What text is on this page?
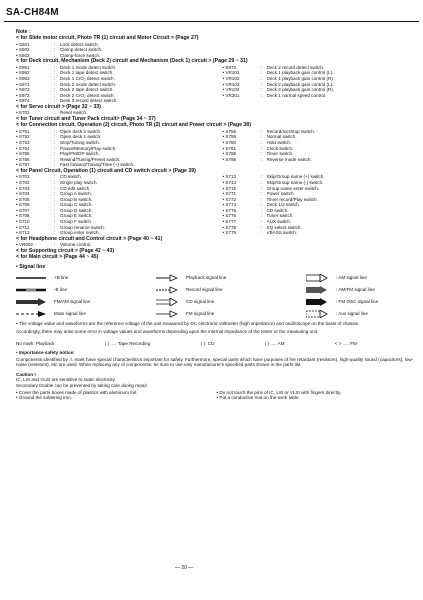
SA-CH84M
Note :
< for Slide motor circuit, Photo TR (1) circuit and Motor Circuit > (Page 27)
• S501	:	Lock detect switch.
• S502	:	Clamp detect switch.
• S503	:	Clamp-force switch.
< for Deck circuit, Mechanism (Deck 2) circuit and Mechanism (Deck 1) circuit > (Page 29 ~ 31)
• S951	:	Deck 1 mode detect switch.	• S973	:	Deck 2 record detect switch.
• S952	:	Deck 1 tape detect switch.	• VR101	:	Deck 1 playback gain control (L).
• S953	:	Deck 1 CrO₂ detect switch.	• VR102	:	Deck 1 playback gain control (R).
• S971	:	Deck 2 mode detect switch.	• VR103	:	Deck 2 playback gain control (L).
• S972	:	Deck 2 tape detect switch.	• VR104	:	Deck 2 playback gain control (R).
• S973	:	Deck 2 CrO₂ detect switch.	• VR301	:	Deck 1 normal speed control.
• S974	:	Deck 2 record detect switch.
< for Servo circuit > (Page 32 ~ 33)
• S701	:	Reset switch.
< for Tuner circuit and Tuner Pack circuit> (Page 34 ~ 37)
< for Connection circuit, Operation (2) circuit, Photo TR (2) circuit and Power circuit > (Page 38)
• S751	:	Open deck 2 switch.	• S756	:	Record/rec/Stop switch.
• S752	:	Open deck 1 switch.	• S759	:	Normal switch.
• S753	:	Stop/Tuning switch.	• S760	:	Hold switch.
• S754	:	Pause/Memory/Play switch.	• S761	:	Clock switch.
• S755	:	Play/FM/DP switch.	• S765	:	Timer switch.
• S756	:	Rewind/Tuning/Preset switch.	• S766	:	Reverse mode switch.
• S757	:	Fast forward/Tuning/Time (+) switch.
< for Panel Circuit, Operation (1) circuit and CD switch circuit > (Page 39)
• S701	:	CD switch.	• S713	:	Skip/Group name (+) switch.
• S702	:	Single play switch.	• S714	:	Skip/Group name (-) switch.
• S703	:	CD edit switch.	• S715	:	Group name enter switch.
• S704	:	Group A switch.	• S771	:	Power switch.
• S705	:	Group B switch.	• S772	:	Timer record/Play switch.
• S706	:	Group C switch.	• S774	:	Deck 1/2 switch.
• S707	:	Group D switch.	• S775	:	CD switch.
• S708	:	Group E switch.	• S776	:	Tuner switch.
• S710	:	Group F switch.	• S777	:	AUX switch.
• S711	:	Group rename switch.	• S778	:	EQ select switch.
• S712	:	Group enter switch.	• S779	:	VBASS switch.
< for Headphone circuit and Control circuit > (Page 40 ~ 41)
• VR602	:	Volume control.
< for Supporting circuit > (Page 42 ~ 43)
< for Main circuit > (Page 44 ~ 45)
• Signal line
+B line	Playback signal line	: AM signal line
-B line	Record signal line	: AM/FM signal line
FM/AM signal line	CD signal line	: FM OSC signal line
Mute signal line	FM signal line	: Aux signal line
• The voltage value and waveforms are the reference voltage of the unit measured by DC electronic voltmeter (high impedance) and oscilloscope on the basis of chassis.
Accordingly, there may arise some error in voltage values and waveforms depending upon the internal impedance of the tester or the measuring unit.
No mark: Playback	( ) ..... Tape Recording	⟨ ⟩: CD	( ) ..... AM	< > ..... FM
• Importance safety notice:
Components identified by ⚠ mark have special characteristics important for safety. Furthermore, special parts which have purposes of fire retardant (resistors), high-quality sound (capacitors), low-noise (resistors), etc are used. When replacing any of components, be sure to use only manufacturer's specified parts shown in the parts list.
Caution !
IC, LSI and VLSI are sensitive to static electricity.
Secondary trouble can be prevented by taking care during repair.
• Cover the parts boxes made of plastics with aluminum foil.
• Ground the soldering iron.
• Do not touch the pins of IC, LSI or VLSI with fingers directly.
• Put a conductive mat on the work table.
— 20 —
